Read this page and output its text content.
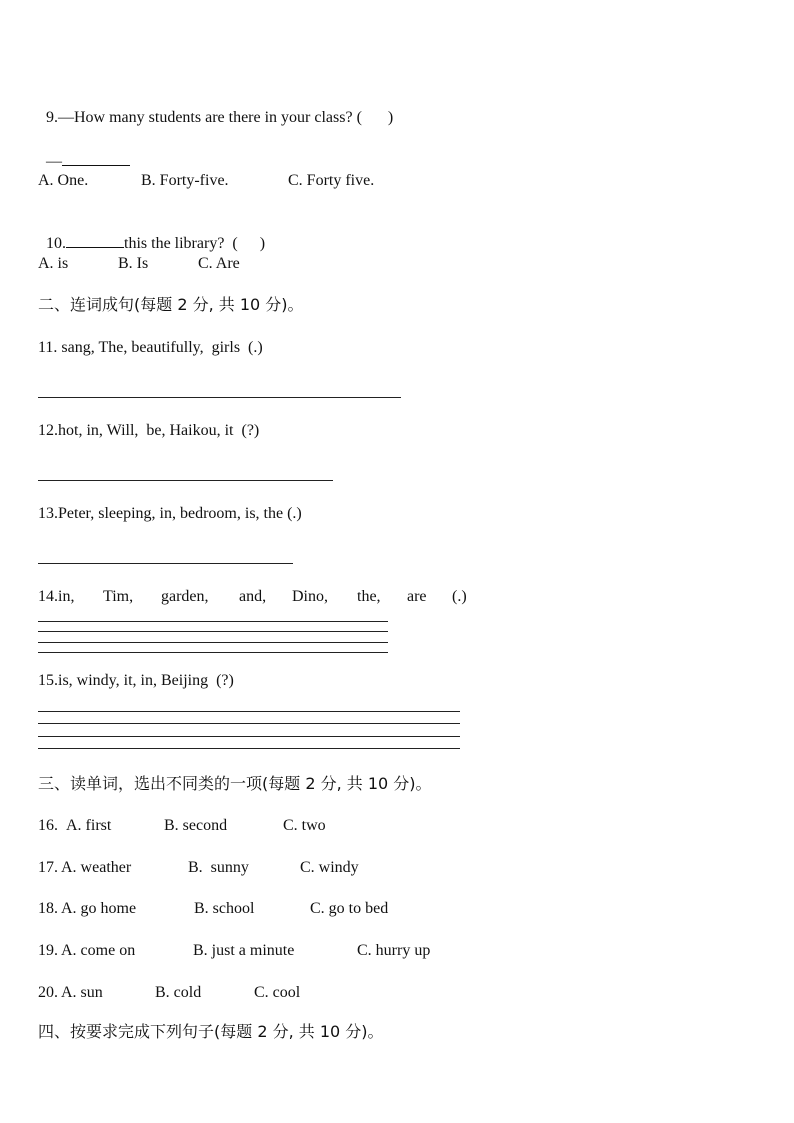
9.—How many students are there in your class? ( )

—

A. One.	B. Forty-five.	C. Forty five.

10.	this the library?  ( )

A. is	B. Is	C. Are
二、连词成句(每题 2 分, 共 10 分)。
11. sang, The, beautifully,  girls  (.)
12.hot, in, Will,  be, Haikou, it  (?)
13.Peter, sleeping, in, bedroom, is, the (.)
14.in, Tim, garden, and, Dino, the, are (.)
15.is, windy, it, in, Beijing  (?)
三、读单词，选出不同类的一项(每题 2 分, 共 10 分)。
16. A. first	B. second	C. two
17. A. weather	B.  sunny	C. windy
18. A. go home	B. school	C. go to bed
19. A. come on	B. just a minute	C. hurry up
20. A. sun	B. cold	C. cool
四、按要求完成下列句子(每题 2 分, 共 10 分)。
